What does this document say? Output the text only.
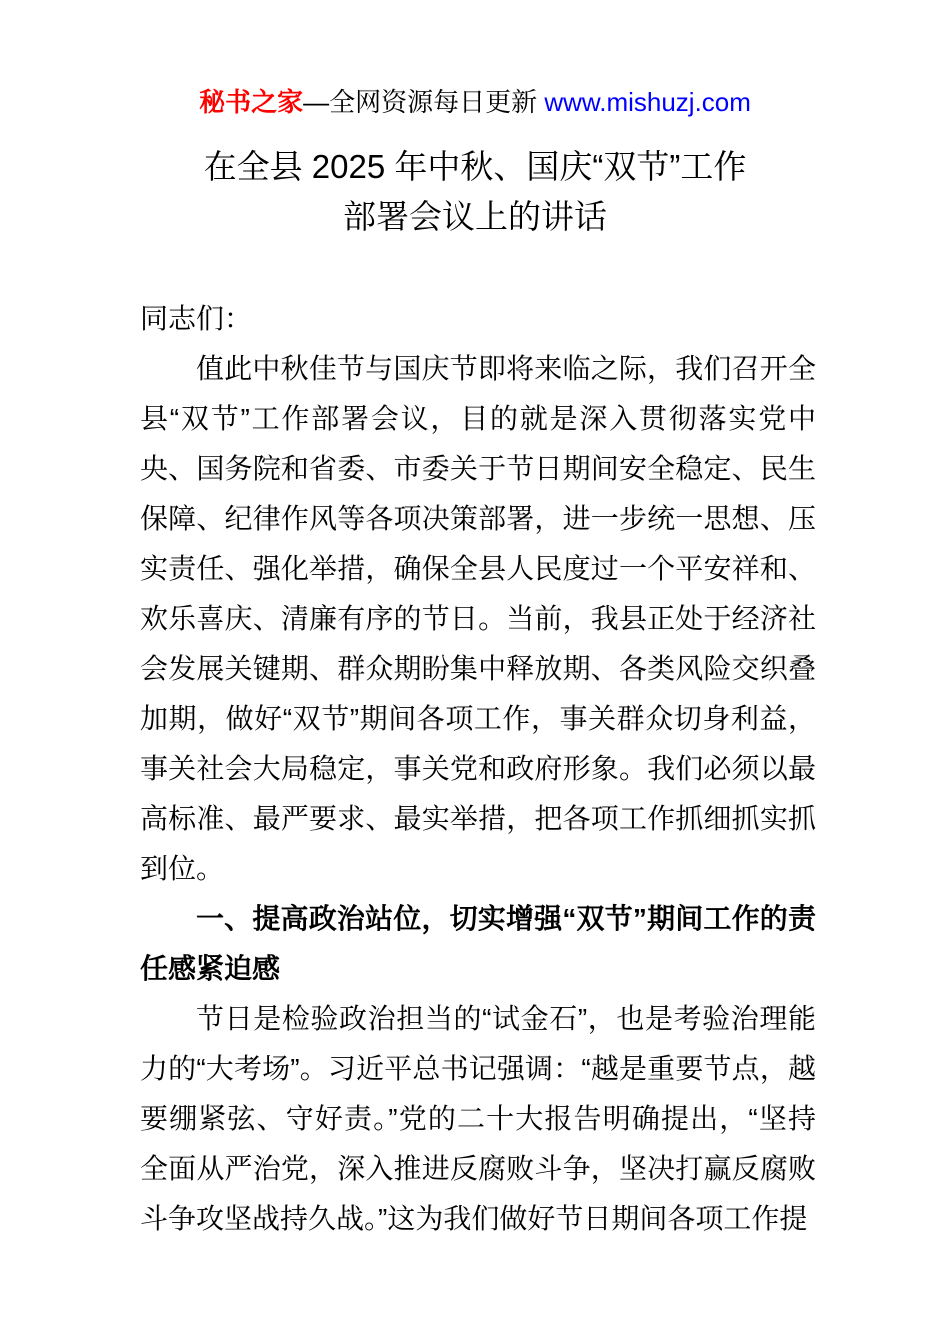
秘书之家—全网资源每日更新 www.mishuzj.com
在全县 2025 年中秋、国庆“双节”工作
部署会议上的讲话

同志们：

值此中秋佳节与国庆节即将来临之际，我们召开全县“双节”工作部署会议，目的就是深入贯彻落实党中央、国务院和省委、市委关于节日期间安全稳定、民生保障、纪律作风等各项决策部署，进一步统一思想、压实责任、强化举措，确保全县人民度过一个平安祥和、欢乐喜庆、清廉有序的节日。当前，我县正处于经济社会发展关键期、群众期盼集中释放期、各类风险交织叠加期，做好“双节”期间各项工作，事关群众切身利益，事关社会大局稳定，事关党和政府形象。我们必须以最高标准、最严要求、最实举措，把各项工作抓细抓实抓到位。

一、提高政治站位，切实增强“双节”期间工作的责任感紧迫感

节日是检验政治担当的“试金石”，也是考验治理能力的“大考场”。习近平总书记强调：“越是重要节点，越要绷紧弦、守好责。”党的二十大报告明确提出，“坚持全面从严治党，深入推进反腐败斗争，坚决打赢反腐败斗争攻坚战持久战。”这为我们做好节日期间各项工作提
